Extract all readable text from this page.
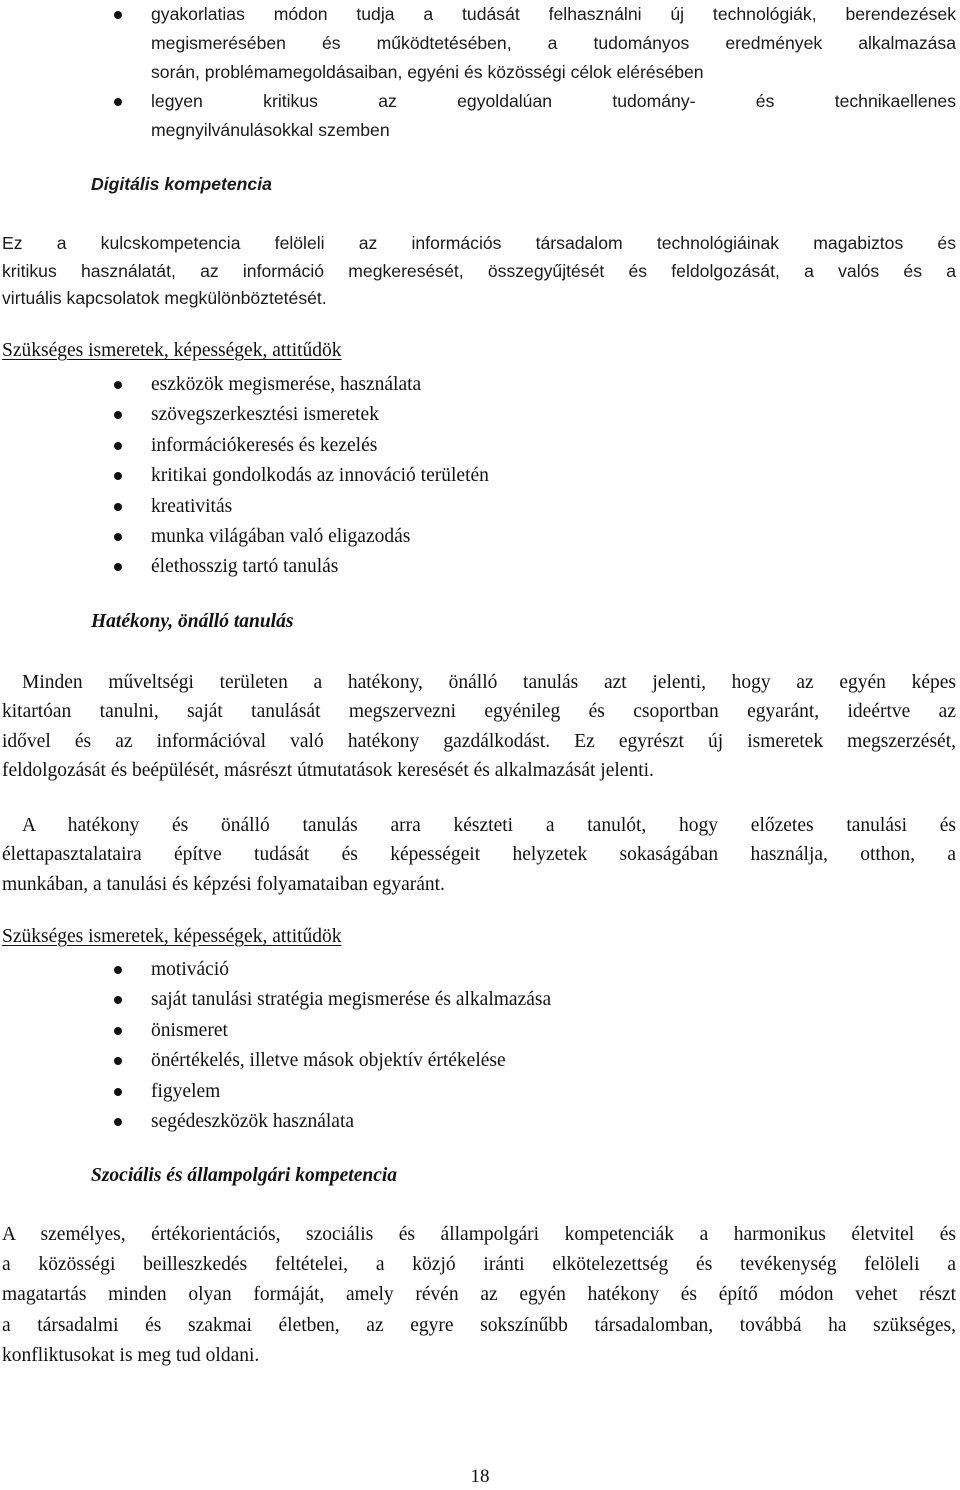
gyakorlatias módon tudja a tudását felhasználni új technológiák, berendezések
megismerésében és működtetésében, a tudományos eredmények alkalmazása
során, problémamegoldásaiban, egyéni és közösségi célok elérésében
legyen kritikus az egyoldalúan tudomány- és technikaellenes
megnyilvánulásokkal szemben
Digitális kompetencia
Ez a kulcskompetencia felöleli az információs társadalom technológiáinak magabiztos és
kritikus használatát, az információ megkeresését, összegyűjtését és feldolgozását, a valós és a
virtuális kapcsolatok megkülönböztetését.
Szükséges ismeretek, képességek, attitűdök
eszközök megismerése, használata
szövegszerkesztési ismeretek
információkeresés és kezelés
kritikai gondolkodás az innováció területén
kreativitás
munka világában való eligazodás
élethosszig tartó tanulás
Hatékony, önálló tanulás
Minden műveltségi területen a hatékony, önálló tanulás azt jelenti, hogy az egyén képes
kitartóan tanulni, saját tanulását megszervezni egyénileg és csoportban egyaránt, ideértve az
idővel és az információval való hatékony gazdálkodást. Ez egyrészt új ismeretek megszerzését,
feldolgozását és beépülését, másrészt útmutatások keresését és alkalmazását jelenti.
A hatékony és önálló tanulás arra készteti a tanulót, hogy előzetes tanulási és
élettapasztalataira építve tudását és képességeit helyzetek sokaságában használja, otthon, a
munkában, a tanulási és képzési folyamataiban egyaránt.
Szükséges ismeretek, képességek, attitűdök
motiváció
saját tanulási stratégia megismerése és alkalmazása
önismeret
önértékelés, illetve mások objektív értékelése
figyelem
segédeszközök használata
Szociális és állampolgári kompetencia
A személyes, értékorientációs, szociális és állampolgári kompetenciák a harmonikus életvitel és
a közösségi beilleszkedés feltételei, a közjó iránti elkötelezettség és tevékenység felöleli a
magatartás minden olyan formáját, amely révén az egyén hatékony és építő módon vehet részt
a társadalmi és szakmai életben, az egyre sokszínűbb társadalomban, továbbá ha szükséges,
konfliktusokat is meg tud oldani.
18
